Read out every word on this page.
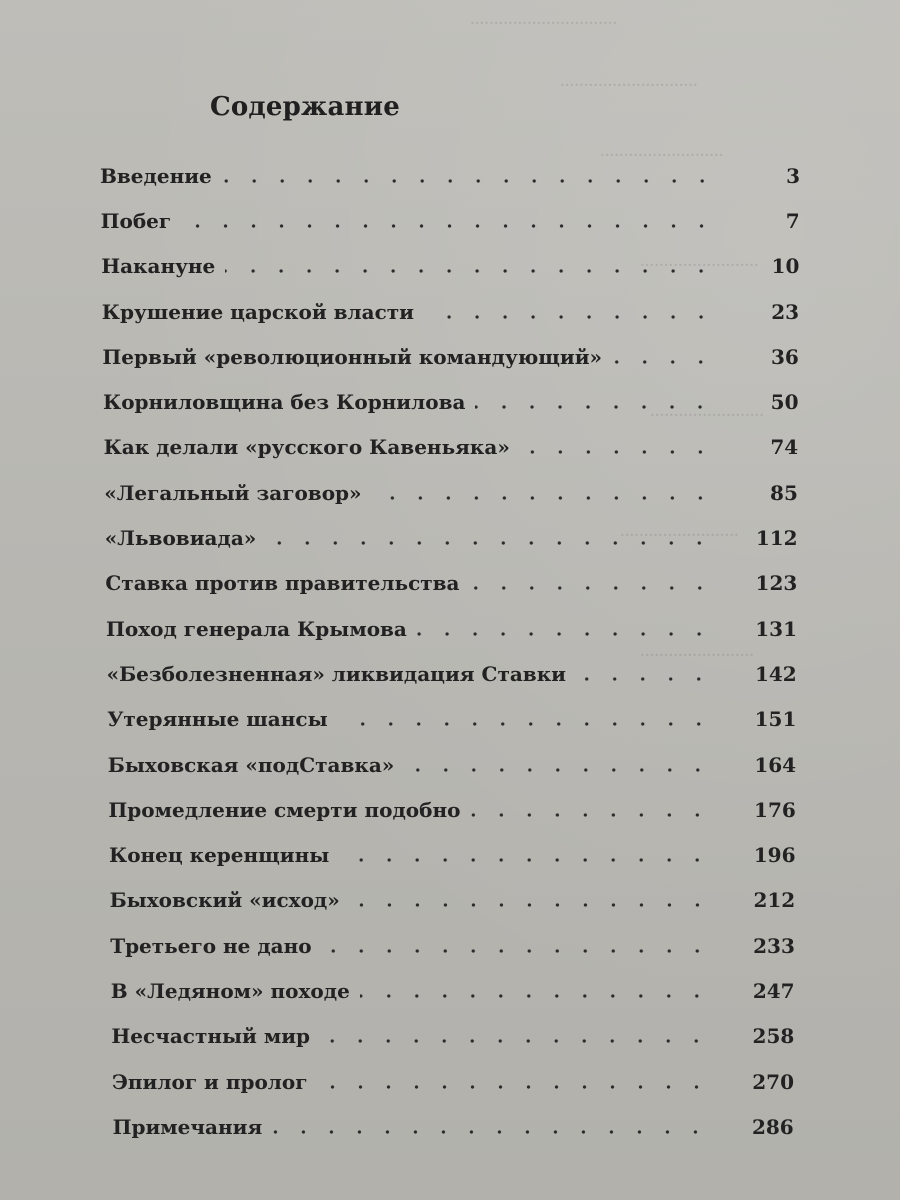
...............................
.............................
..........................
.........................
.........................
........................
Содержание
Введение	3
Побег	7
Накануне	10
Крушение царской власти	23
Первый «революционный командующий»	36
Корниловщина без Корнилова	50
Как делали «русского Кавеньяка»	74
«Легальный заговор»	85
«Львовиада»	112
Ставка против правительства	123
Поход генерала Крымова	131
«Безболезненная» ликвидация Ставки	142
Утерянные шансы	151
Быховская «подСтавка»	164
Промедление смерти подобно	176
Конец керенщины	196
Быховский «исход»	212
Третьего не дано	233
В «Ледяном» походе	247
Несчастный мир	258
Эпилог и пролог	270
Примечания	286
